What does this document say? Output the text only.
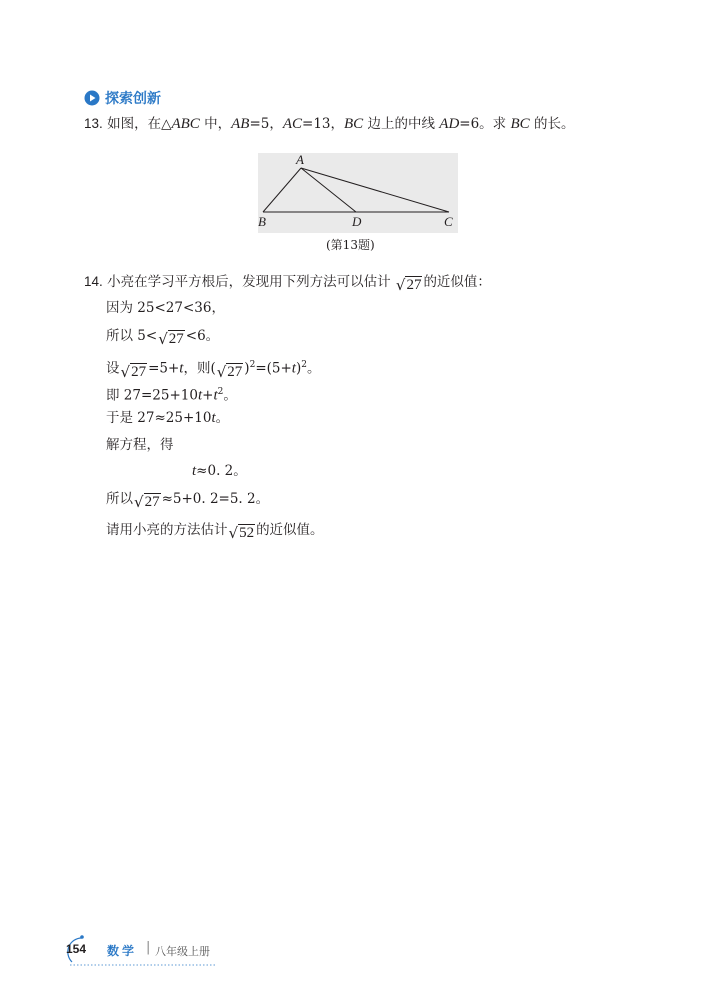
探索创新
13. 如图，在△ABC 中，AB=5，AC=13，BC 边上的中线 AD=6。求 BC 的长。
A
B	D	C
(第13题)
14. 小亮在学习平方根后，发现用下列方法可以估计 √ 27 的近似值：
因为 25<27<36，
所以 5< √ 27 <6。
设 √ 27 =5+t，则( √ 27 )$^2=(5+t)^2$。
即 $27=25+10t+t^2$。
于是 27≈25+10t。
解方程，得
t≈0. 2。
所以 √ 27 ≈5+0. 2=5. 2。
请用小亮的方法估计 √ 52 的近似值。
154 数学 | 八年级上册
